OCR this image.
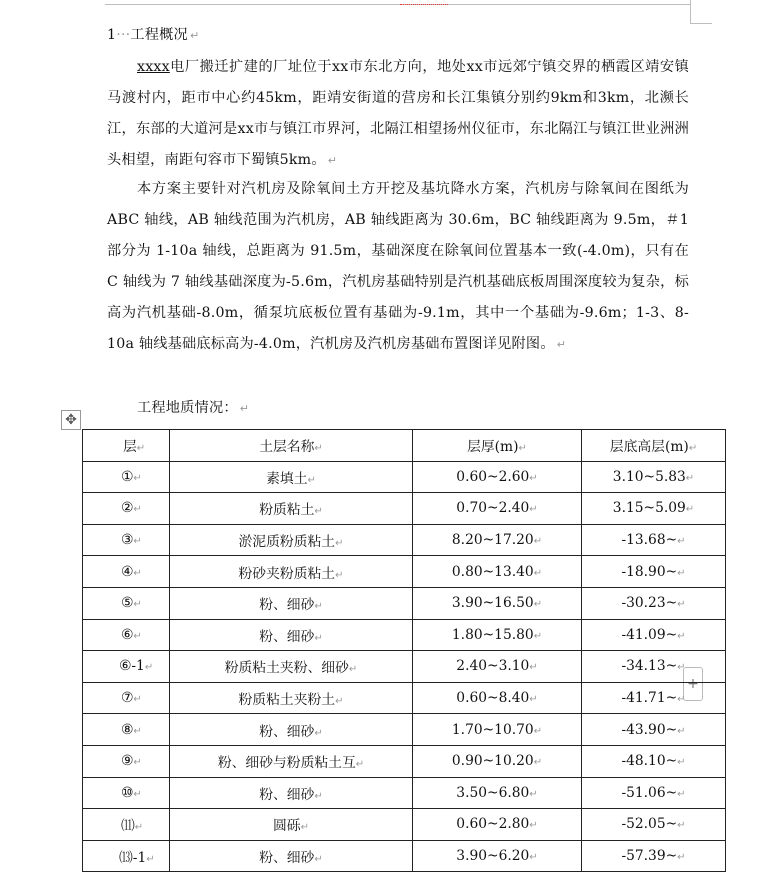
1···工程概况 ↵
xxxx电厂搬迁扩建的厂址位于xx市东北方向，地处xx市远郊宁镇交界的栖霞区靖安镇马渡村内，距市中心约45km，距靖安街道的营房和长江集镇分别约9km和3km，北濒长江，东部的大道河是xx市与镇江市界河，北隔江相望扬州仪征市，东北隔江与镇江世业洲洲头相望，南距句容市下蜀镇5km。 ↵
本方案主要针对汽机房及除氧间土方开挖及基坑降水方案，汽机房与除氧间在图纸为 ABC 轴线，AB 轴线范围为汽机房，AB 轴线距离为 30.6m，BC 轴线距离为 9.5m，＃1 部分为 1-10a 轴线，总距离为 91.5m，基础深度在除氧间位置基本一致(-4.0m)，只有在 C 轴线为 7 轴线基础深度为-5.6m，汽机房基础特别是汽机基础底板周围深度较为复杂，标高为汽机基础-8.0m，循泵坑底板位置有基础为-9.1m，其中一个基础为-9.6m；1-3、8-10a 轴线基础底标高为-4.0m，汽机房及汽机房基础布置图详见附图。 ↵
工程地质情况： ↵
✥
+
层↵	土层名称↵	层厚(m)↵	层底高层(m)↵
①↵	素填土↵	0.60~2.60↵	3.10~5.83↵
②↵	粉质粘土↵	0.70~2.40↵	3.15~5.09↵
③↵	淤泥质粉质粘土↵	8.20~17.20↵	-13.68~↵
④↵	粉砂夹粉质粘土↵	0.80~13.40↵	-18.90~↵
⑤↵	粉、细砂↵	3.90~16.50↵	-30.23~↵
⑥↵	粉、细砂↵	1.80~15.80↵	-41.09~↵
⑥-1↵	粉质粘土夹粉、细砂↵	2.40~3.10↵	-34.13~↵
⑦↵	粉质粘土夹粉土↵	0.60~8.40↵	-41.71~↵
⑧↵	粉、细砂↵	1.70~10.70↵	-43.90~↵
⑨↵	粉、细砂与粉质粘土互↵	0.90~10.20↵	-48.10~↵
⑩↵	粉、细砂↵	3.50~6.80↵	-51.06~↵
⑾↵	圆砾↵	0.60~2.80↵	-52.05~↵
⒀-1↵	粉、细砂↵	3.90~6.20↵	-57.39~↵
